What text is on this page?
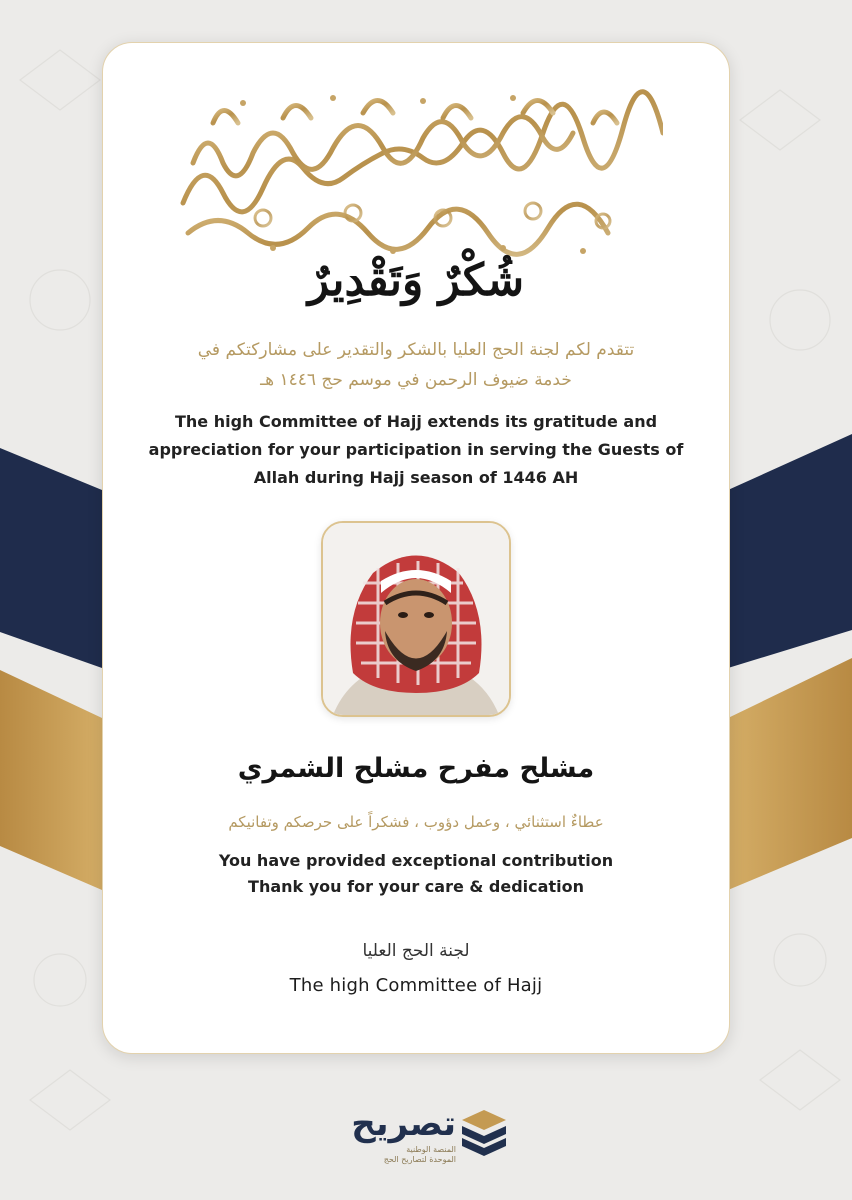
شُكْرٌ وَتَقْدِيرٌ

تتقدم لكم لجنة الحج العليا بالشكر والتقدير على مشاركتكم في
خدمة ضيوف الرحمن في موسم حج ١٤٤٦ هـ
The high Committee of Hajj extends its gratitude and
appreciation for your participation in serving the Guests of
Allah during Hajj season of 1446 AH

مشلح مفرح مشلح الشمري

عطاءٌ استثنائي ، وعمل دؤوب ، فشكراً على حرصكم وتفانيكم

You have provided exceptional contribution

Thank you for your care & dedication

لجنة الحج العليا

The high Committee of Hajj

تصريح
المنصة الوطنية
الموحدة لتصاريح الحج
